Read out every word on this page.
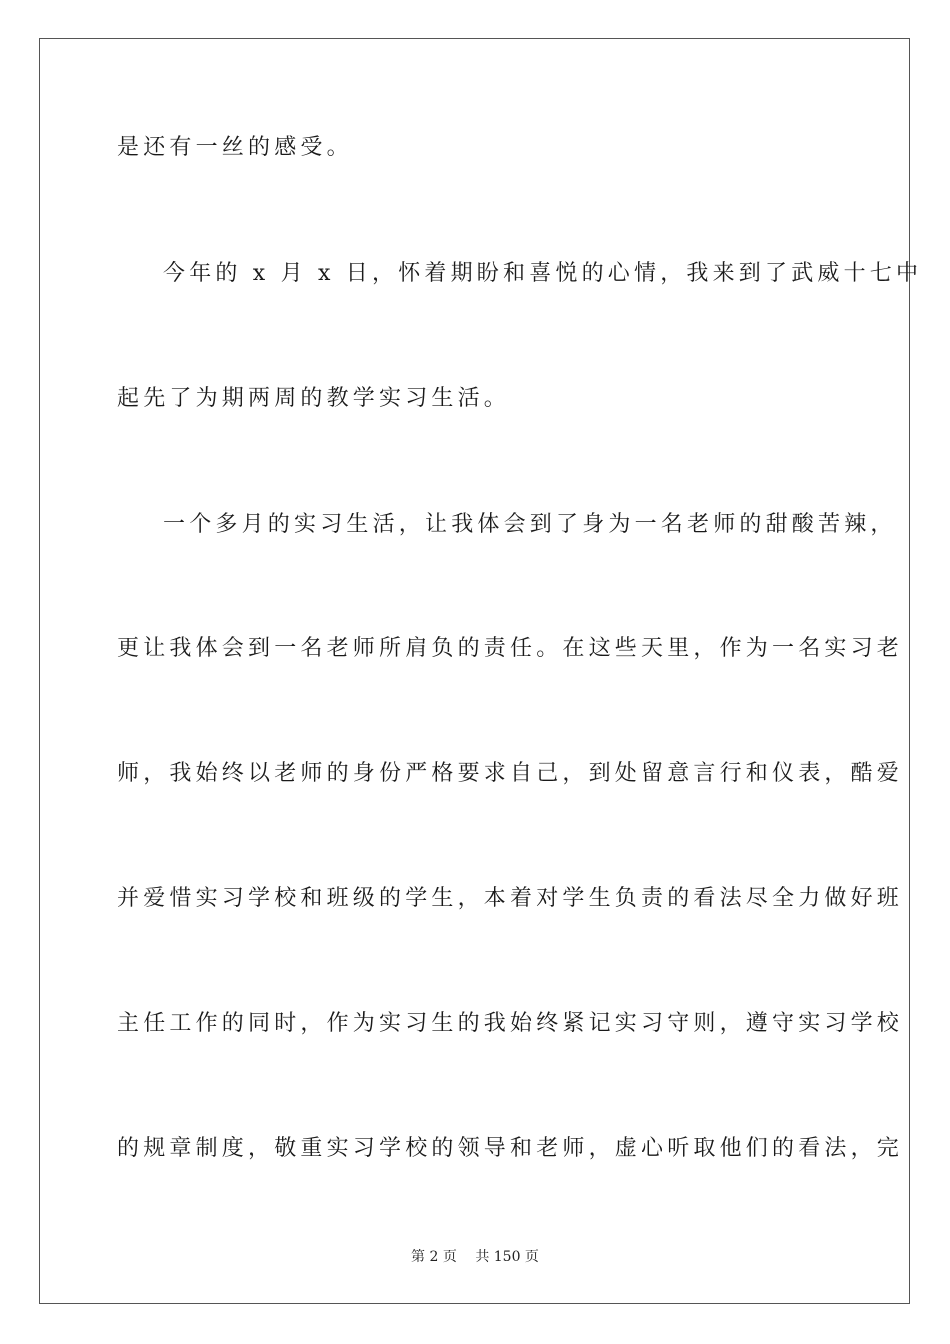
是还有一丝的感受。
今年的 x 月 x 日，怀着期盼和喜悦的心情，我来到了武威十七中
起先了为期两周的教学实习生活。
一个多月的实习生活，让我体会到了身为一名老师的甜酸苦辣，
更让我体会到一名老师所肩负的责任。在这些天里，作为一名实习老
师，我始终以老师的身份严格要求自己，到处留意言行和仪表，酷爱
并爱惜实习学校和班级的学生，本着对学生负责的看法尽全力做好班
主任工作的同时，作为实习生的我始终紧记实习守则，遵守实习学校
的规章制度，敬重实习学校的领导和老师，虚心听取他们的看法，完
第 2 页 共 150 页
